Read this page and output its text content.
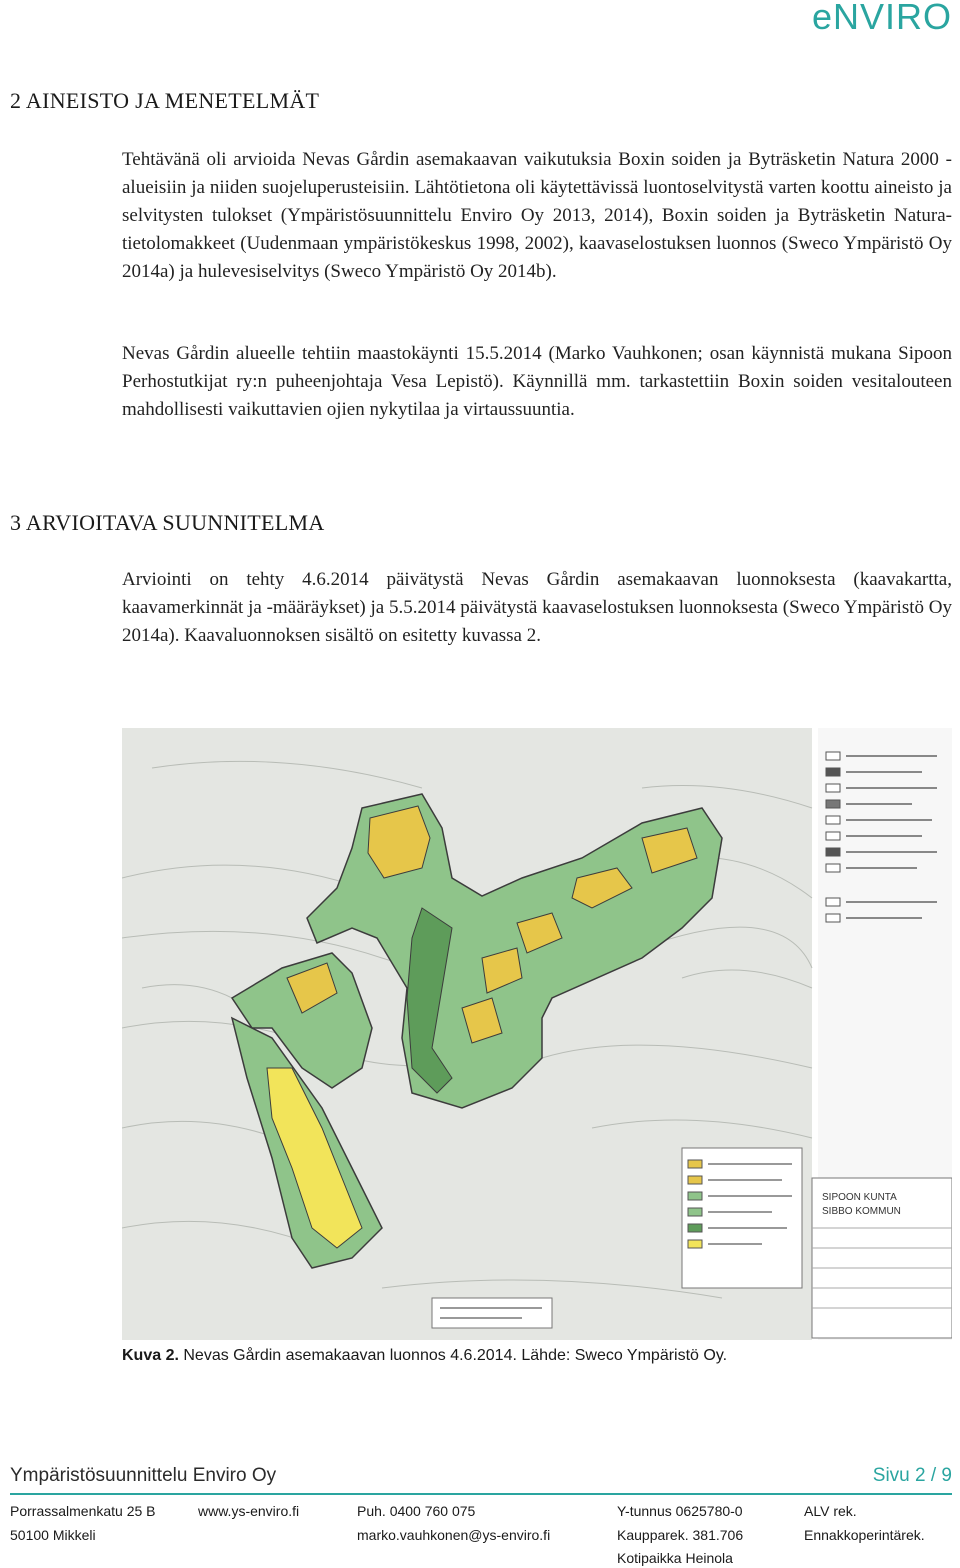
eNVIRO
2 AINEISTO JA MENETELMÄT

Tehtävänä oli arvioida Nevas Gårdin asemakaavan vaikutuksia Boxin soiden ja Byträsketin Natura 2000 -alueisiin ja niiden suojeluperusteisiin. Lähtötietona oli käytettävissä luontoselvitystä varten koottu aineisto ja selvitysten tulokset (Ympäristösuunnittelu Enviro Oy 2013, 2014), Boxin soiden ja Byträsketin Natura-tietolomakkeet (Uudenmaan ympäristökeskus 1998, 2002), kaavaselostuksen luonnos (Sweco Ympäristö Oy 2014a) ja hulevesiselvitys (Sweco Ympäristö Oy 2014b).

Nevas Gårdin alueelle tehtiin maastokäynti 15.5.2014 (Marko Vauhkonen; osan käynnistä mukana Sipoon Perhostutkijat ry:n puheenjohtaja Vesa Lepistö). Käynnillä mm. tarkastettiin Boxin soiden vesitalouteen mahdollisesti vaikuttavien ojien nykytilaa ja virtaussuuntia.

3 ARVIOITAVA SUUNNITELMA

Arviointi on tehty 4.6.2014 päivätystä Nevas Gårdin asemakaavan luonnoksesta (kaavakartta, kaavamerkinnät ja -määräykset) ja 5.5.2014 päivätystä kaavaselostuksen luonnoksesta (Sweco Ympäristö Oy 2014a). Kaavaluonnoksen sisältö on esitetty kuvassa 2.

SIPOON KUNTA
SIBBO KOMMUN

Kuva 2. Nevas Gårdin asemakaavan luonnos 4.6.2014. Lähde: Sweco Ympäristö Oy.

Ympäristösuunnittelu Enviro Oy	Sivu 2 / 9
Porrassalmenkatu 25 B
50100 Mikkeli
www.ys-enviro.fi	Puh. 0400 760 075
marko.vauhkonen@ys-enviro.fi
Y-tunnus 0625780-0
Kaupparek. 381.706
Kotipaikka Heinola
ALV rek.
Ennakkoperintärek.
